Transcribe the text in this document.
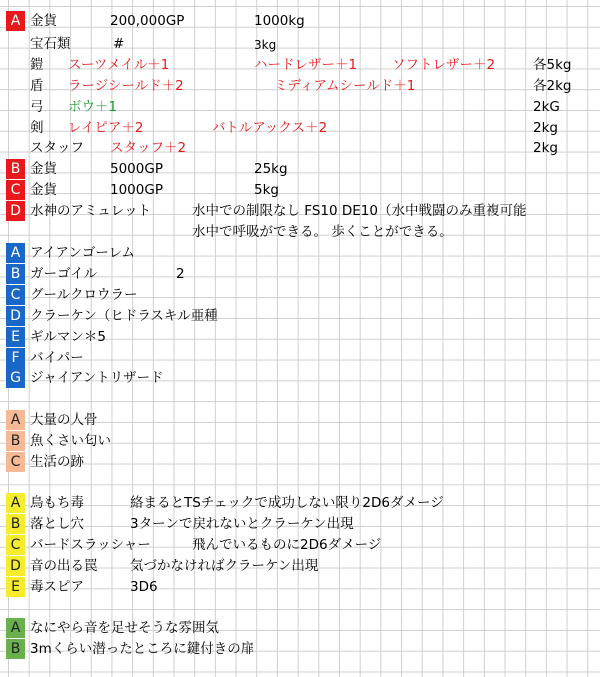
A 金貨	200,000GP	1000kg
宝石類	#	3kg
鎧 スーツメイル＋1	ハードレザー＋1	ソフトレザー＋2	各5kg
盾 ラージシールド＋2	ミディアムシールド＋1	各2kg
弓 ボウ＋1	2kG
剣 レイピア＋2	バトルアックス＋2	2kg
スタッフ スタッフ＋2	2kg
B 金貨	5000GP	25kg
C 金貨	1000GP	5kg
D 水神のアミュレット	水中での制限なし FS10 DE10（水中戦闘のみ重複可能
水中で呼吸ができる。 歩くことができる。
A アイアンゴーレム
B ガーゴイル	2
C グールクロウラー
D クラーケン（ヒドラスキル亜種
E ギルマン＊5
F バイパー
G ジャイアントリザード
A 大量の人骨
B 魚くさい匂い
C 生活の跡
A 鳥もち毒	絡まるとTSチェックで成功しない限り2D6ダメージ
B 落とし穴	3ターンで戻れないとクラーケン出現
C バードスラッシャー	飛んでいるものに2D6ダメージ
D 音の出る罠 気づかなければクラーケン出現
E 毒スピア	3D6
A なにやら音を足せそうな雰囲気
B 3mくらい潜ったところに鍵付きの扉
